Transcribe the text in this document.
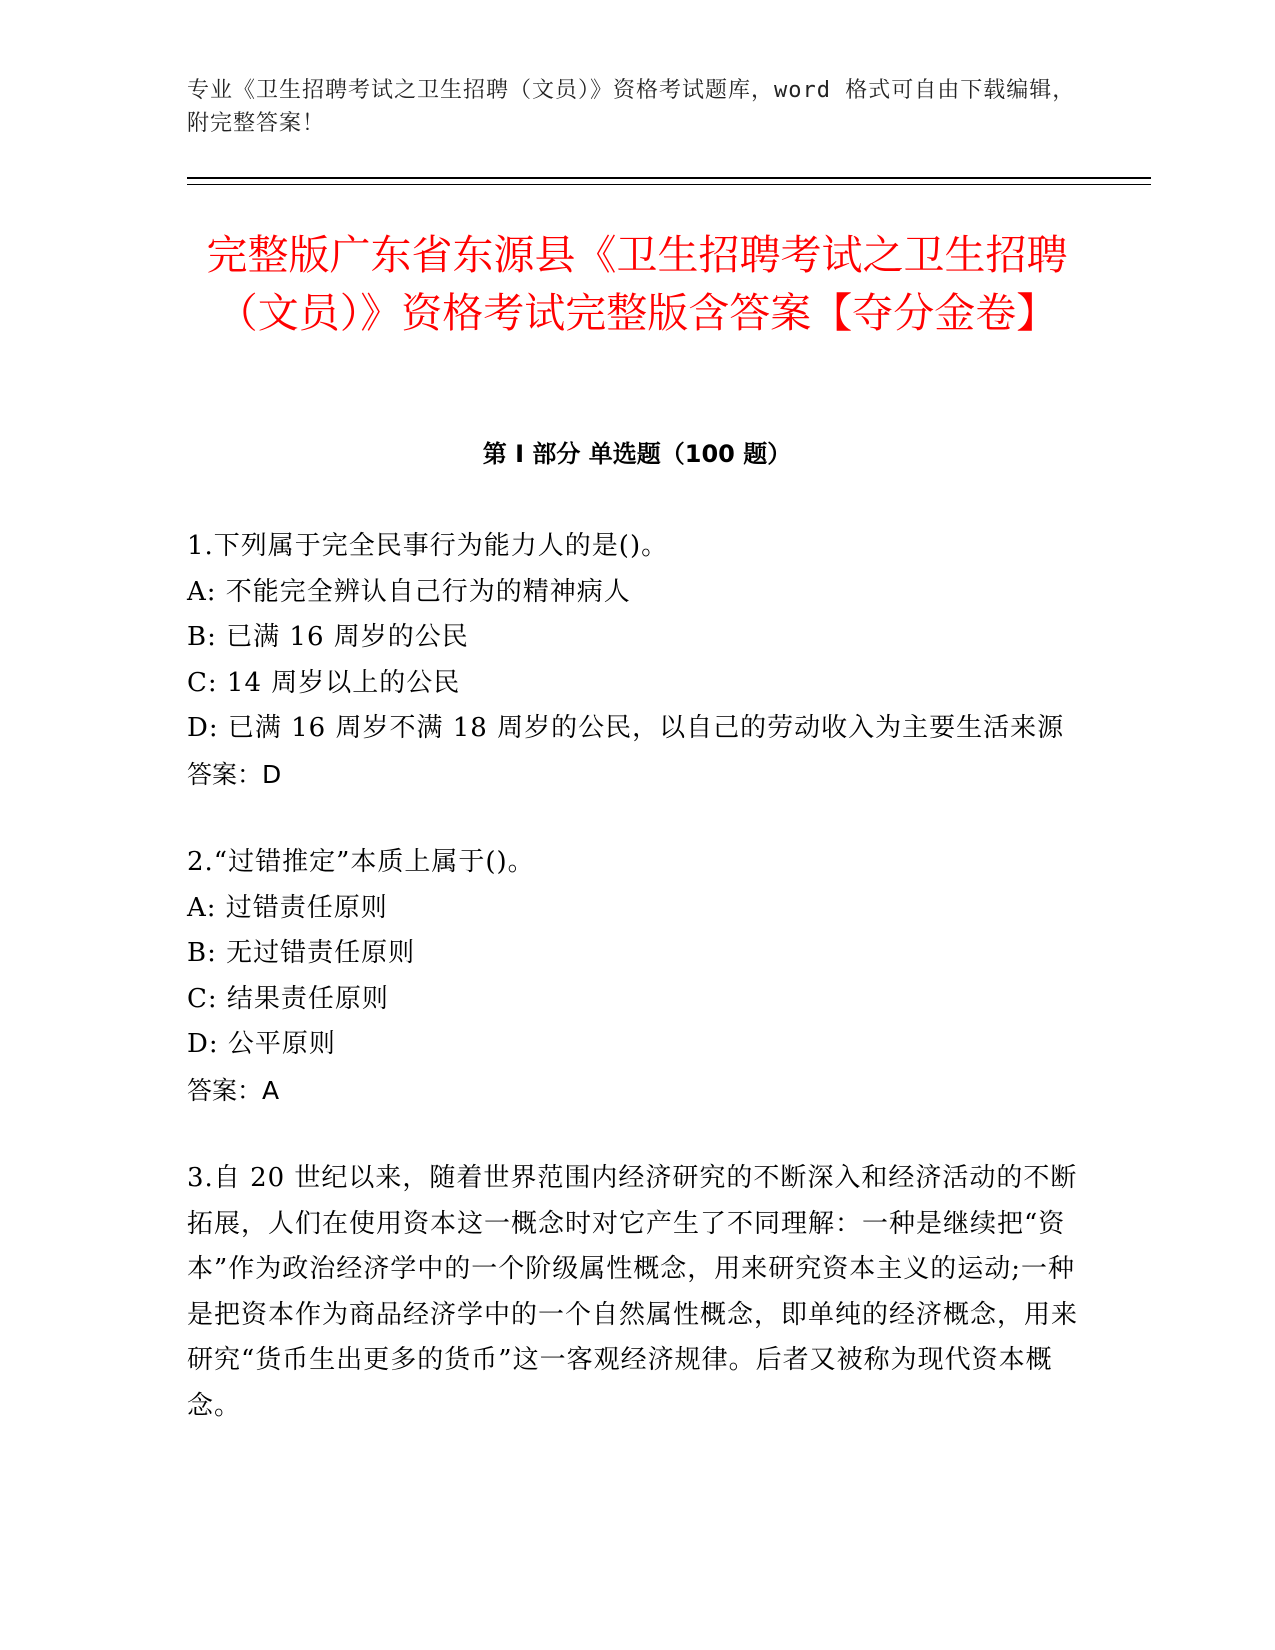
专业《卫生招聘考试之卫生招聘（文员）》资格考试题库，word 格式可自由下载编辑，附完整答案！
完整版广东省东源县《卫生招聘考试之卫生招聘（文员）》资格考试完整版含答案【夺分金卷】
第 I 部分 单选题（100 题）

1.下列属于完全民事行为能力人的是()。

A: 不能完全辨认自己行为的精神病人

B: 已满 16 周岁的公民

C: 14 周岁以上的公民

D: 已满 16 周岁不满 18 周岁的公民，以自己的劳动收入为主要生活来源

答案：D

2.“过错推定”本质上属于()。

A: 过错责任原则

B: 无过错责任原则

C: 结果责任原则

D: 公平原则

答案：A

3.自 20 世纪以来，随着世界范围内经济研究的不断深入和经济活动的不断拓展，人们在使用资本这一概念时对它产生了不同理解：一种是继续把“资本”作为政治经济学中的一个阶级属性概念，用来研究资本主义的运动;一种是把资本作为商品经济学中的一个自然属性概念，即单纯的经济概念，用来研究“货币生出更多的货币”这一客观经济规律。后者又被称为现代资本概念。
